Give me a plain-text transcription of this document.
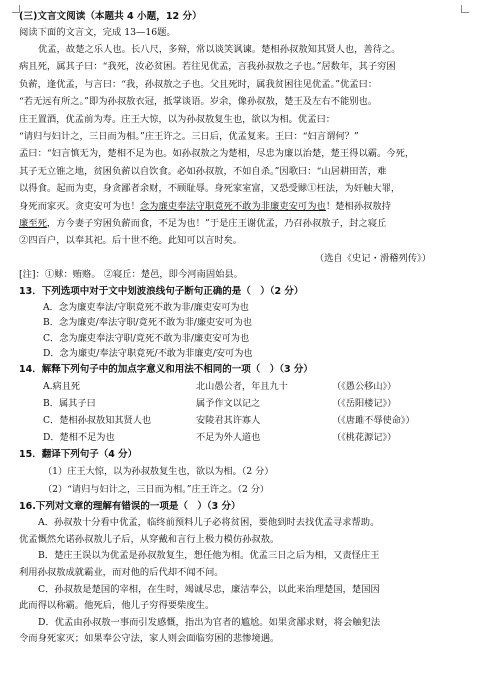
(三)文言文阅读（本题共 4 小题，12 分）
阅读下面的文言文，完成 13—16题。
优孟，故楚之乐人也。长八尺，多辩，常以谈笑讽谏。楚相孙叔敖知其贤人也，善待之。
病且死，属其子曰：“我死，汝必贫困。若往见优孟，言我孙叔敖之子也。”居数年，其子穷困
负薪，逢优孟，与言曰：“我，孙叔敖之子也。父且死时，属我贫困往见优孟。”优孟曰：
“若无远有所之。”即为孙叔敖衣冠，抵掌谈语。岁余，像孙叔敖，楚王及左右不能别也。
庄王置酒，优孟前为寿。庄王大惊，以为孙叔敖复生也，欲以为相。优孟曰：
“请归与妇计之，三日而为相。”庄王许之。三日后，优孟复来。王曰：“妇言谓何？”
孟曰：“妇言慎无为，楚相不足为也。如孙叔敖之为楚相，尽忠为廉以治楚，楚王得以霸。今死，
其子无立锥之地，贫困负薪以自饮食。必如孙叔敖，不如自杀。”因歌曰：“山居耕田苦，难
以得食。起而为吏，身贪鄙者余财，不顾耻辱。身死家室富，又恐受赇①枉法，为奸触大罪，
身死而家灭。贪吏安可为也！念为廉吏奉法守职竟死不敢为非廉吏安可为也！楚相孙叔敖持
廉至死，方今妻子穷困负薪而食，不足为也！”于是庄王谢优孟，乃召孙叔敖子，封之寝丘
②四百户，以奉其祀。后十世不绝。此知可以言时矣。
（选自《史记・滑稽列传》）
[注]：①赇：贿赂。 ②寝丘：楚邑，即今河南固始县。
13．下列选项中对于文中划波浪线句子断句正确的是（　）（2 分）
A．念为廉吏奉法/守职竟死不敢为非/廉吏安可为也
B．念为廉吏/奉法守职/竟死不敢为非/廉吏安可为也
C．念为廉吏奉法守职/竟死不敢为非/廉吏安可为也
D．念为廉吏/奉法守职竟死/不敢为非廉吏/安可为也
14．解释下列句子中的加点字意义和用法不相同的一项（　）（3 分）
A.病且死	北山愚公者，年且九十	（《愚公移山》）
B．属其子曰	属予作文以记之	（《岳阳楼记》）
C．楚相孙叔敖知其贤人也	安陵君其许寡人	（《唐雎不辱使命》）
D．楚相不足为也	不足为外人道也	（《桃花源记》）
15．翻译下列句子（4 分）
（1）庄王大惊，以为孙叔敖复生也，欲以为相。（2 分）
（2）“请归与妇计之，三日而为相。”庄王许之。（2 分）
16.下列对文章的理解有错误的一项是（　）（3 分）
A．孙叔敖十分看中优孟，临终前预料儿子必将贫困，要他到时去找优孟寻求帮助。
优孟慨然允诺孙叔敖儿子后，从穿戴和言行上极力模仿孙叔敖。
B．楚庄王误以为优孟是孙叔敖复生，想任他为相。优孟三日之后为相，又责怪庄王
利用孙叔敖成就霸业，而对他的后代却不闻不问。
C．孙叔敖是楚国的宰相，在生时，竭诚尽忠，廉洁奉公，以此来治理楚国，楚国因
此而得以称霸。他死后，他儿子穷得要柴度生。
D．优孟由孙叔敖一事而引发感慨，指出为官者的尴尬。如果贪鄙求财，将会触犯法
令而身死家灭；如果奉公守法，家人则会面临穷困的悲惨境遇。
